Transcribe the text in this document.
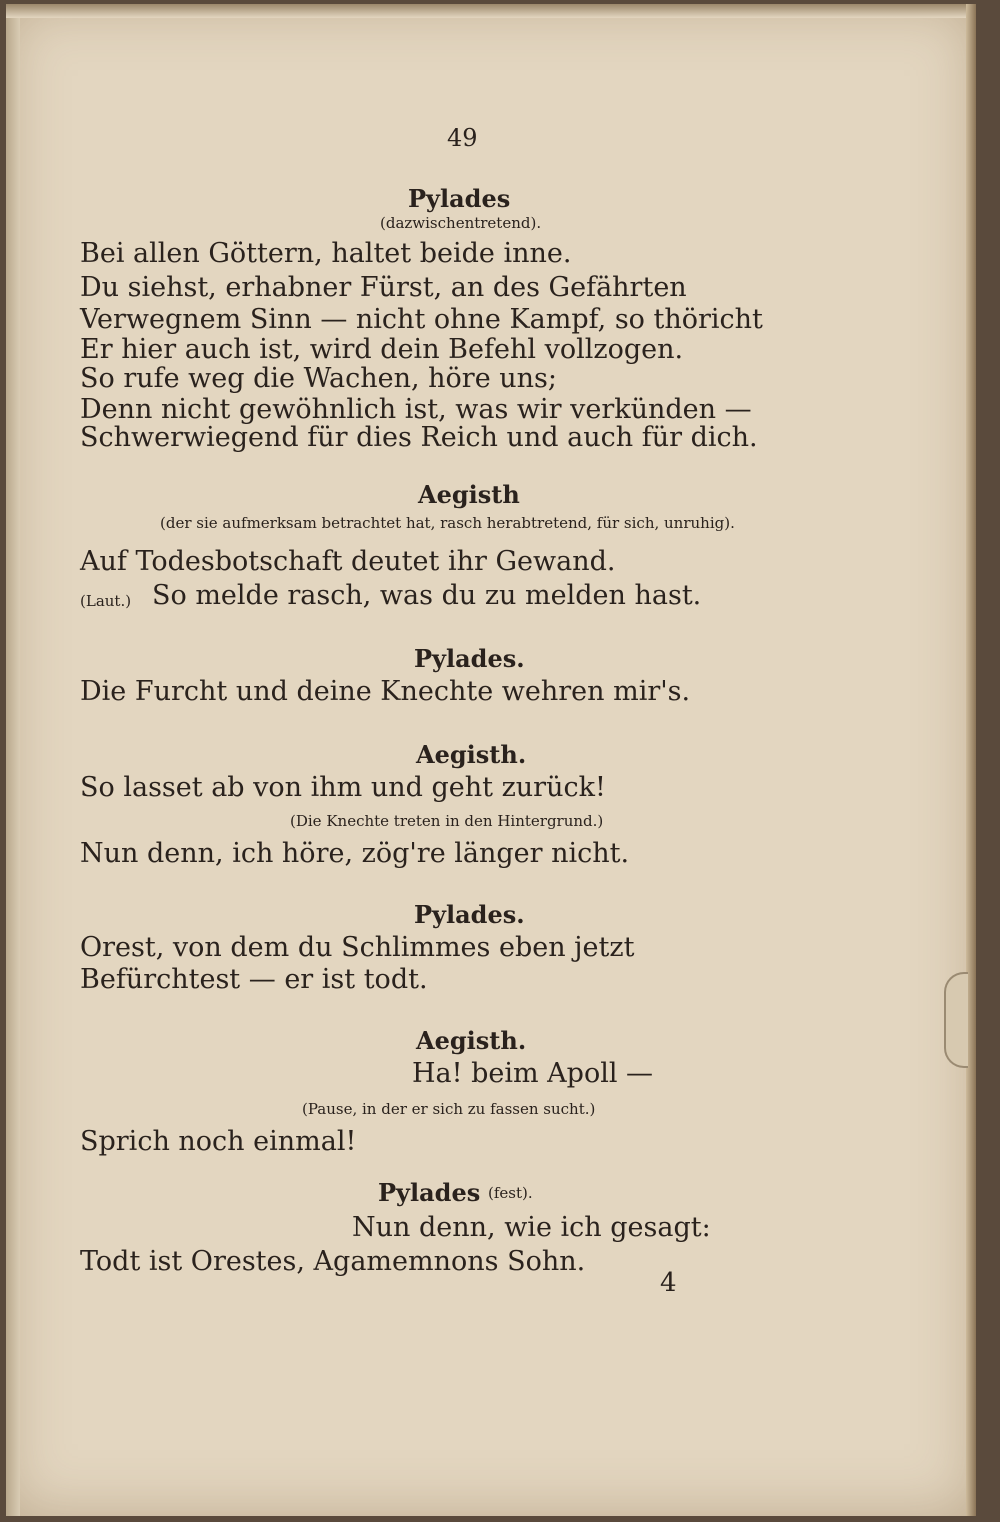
49
Pylades
(dazwischentretend).
Bei allen Göttern, haltet beide inne.
Du siehst, erhabner Fürst, an des Gefährten
Verwegnem Sinn — nicht ohne Kampf, so thöricht
Er hier auch ist, wird dein Befehl vollzogen.
So rufe weg die Wachen, höre uns;
Denn nicht gewöhnlich ist, was wir verkünden —
Schwerwiegend für dies Reich und auch für dich.
Aegisth
(der sie aufmerksam betrachtet hat, rasch herabtretend, für sich, unruhig).
Auf Todesbotschaft deutet ihr Gewand.
(Laut.) So melde rasch, was du zu melden hast.
Pylades.
Die Furcht und deine Knechte wehren mir's.
Aegisth.
So lasset ab von ihm und geht zurück!
(Die Knechte treten in den Hintergrund.)
Nun denn, ich höre, zög're länger nicht.
Pylades.
Orest, von dem du Schlimmes eben jetzt
Befürchtest — er ist todt.
Aegisth.
Ha! beim Apoll —
(Pause, in der er sich zu fassen sucht.)
Sprich noch einmal!
Pylades (fest).
Nun denn, wie ich gesagt:
Todt ist Orestes, Agamemnons Sohn.
4
